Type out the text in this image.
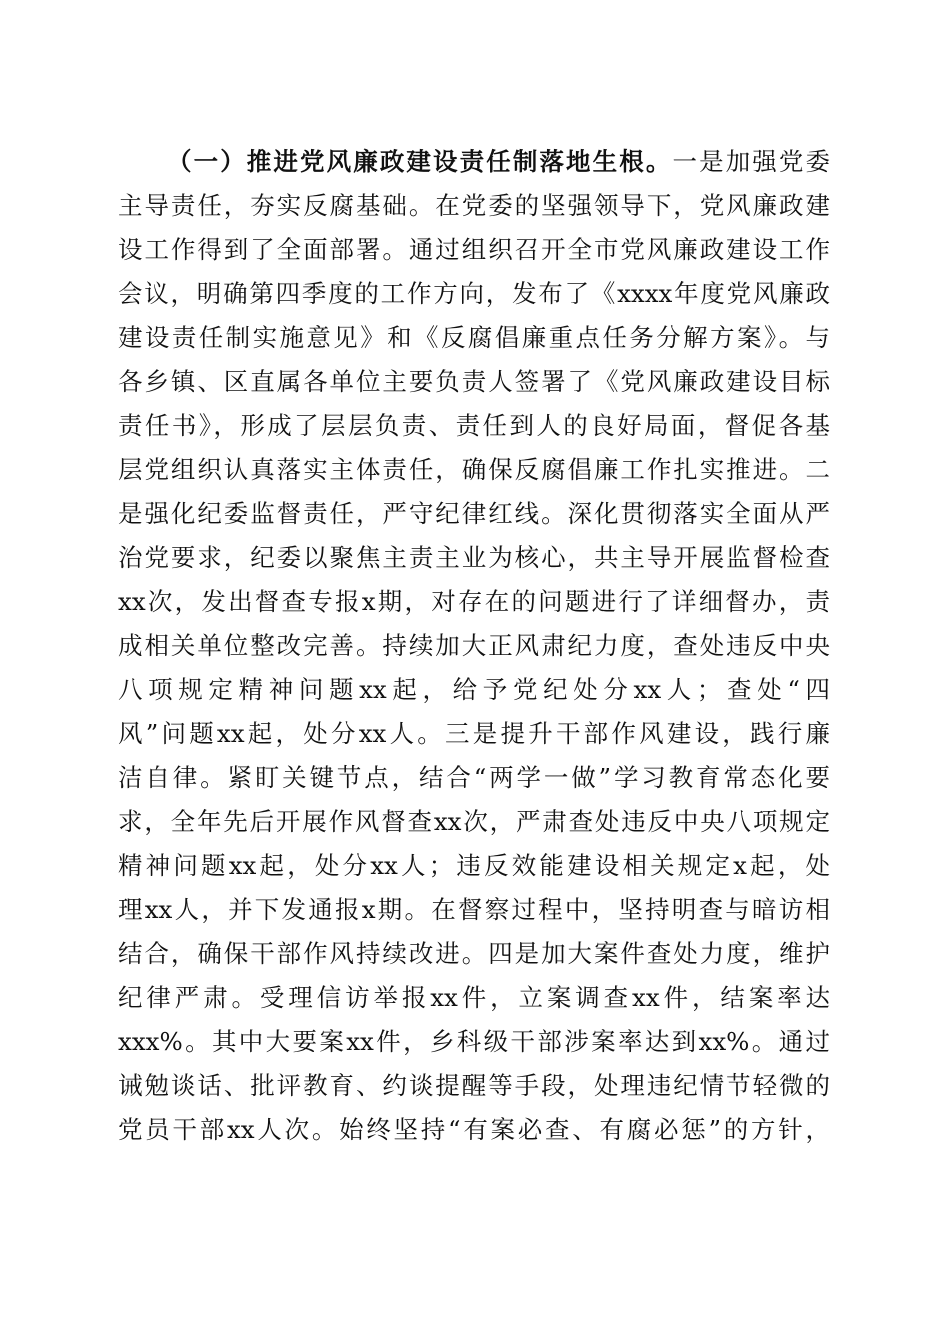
（一）推进党风廉政建设责任制落地生根。一是加强党委
主导责任，夯实反腐基础。在党委的坚强领导下，党风廉政建
设工作得到了全面部署。通过组织召开全市党风廉政建设工作
会议，明确第四季度的工作方向，发布了《xxxx年度党风廉政
建设责任制实施意见》和《反腐倡廉重点任务分解方案》。与
各乡镇、区直属各单位主要负责人签署了《党风廉政建设目标
责任书》，形成了层层负责、责任到人的良好局面，督促各基
层党组织认真落实主体责任，确保反腐倡廉工作扎实推进。二
是强化纪委监督责任，严守纪律红线。深化贯彻落实全面从严
治党要求，纪委以聚焦主责主业为核心，共主导开展监督检查
xx次，发出督查专报x期，对存在的问题进行了详细督办，责
成相关单位整改完善。持续加大正风肃纪力度，查处违反中央
八项规定精神问题xx起，给予党纪处分xx人；查处“四
风”问题xx起，处分xx人。三是提升干部作风建设，践行廉
洁自律。紧盯关键节点，结合“两学一做”学习教育常态化要
求，全年先后开展作风督查xx次，严肃查处违反中央八项规定
精神问题xx起，处分xx人；违反效能建设相关规定x起，处
理xx人，并下发通报x期。在督察过程中，坚持明查与暗访相
结合，确保干部作风持续改进。四是加大案件查处力度，维护
纪律严肃。受理信访举报xx件，立案调查xx件，结案率达
xxx%。其中大要案xx件，乡科级干部涉案率达到xx%。通过
诫勉谈话、批评教育、约谈提醒等手段，处理违纪情节轻微的
党员干部xx人次。始终坚持“有案必查、有腐必惩”的方针，
